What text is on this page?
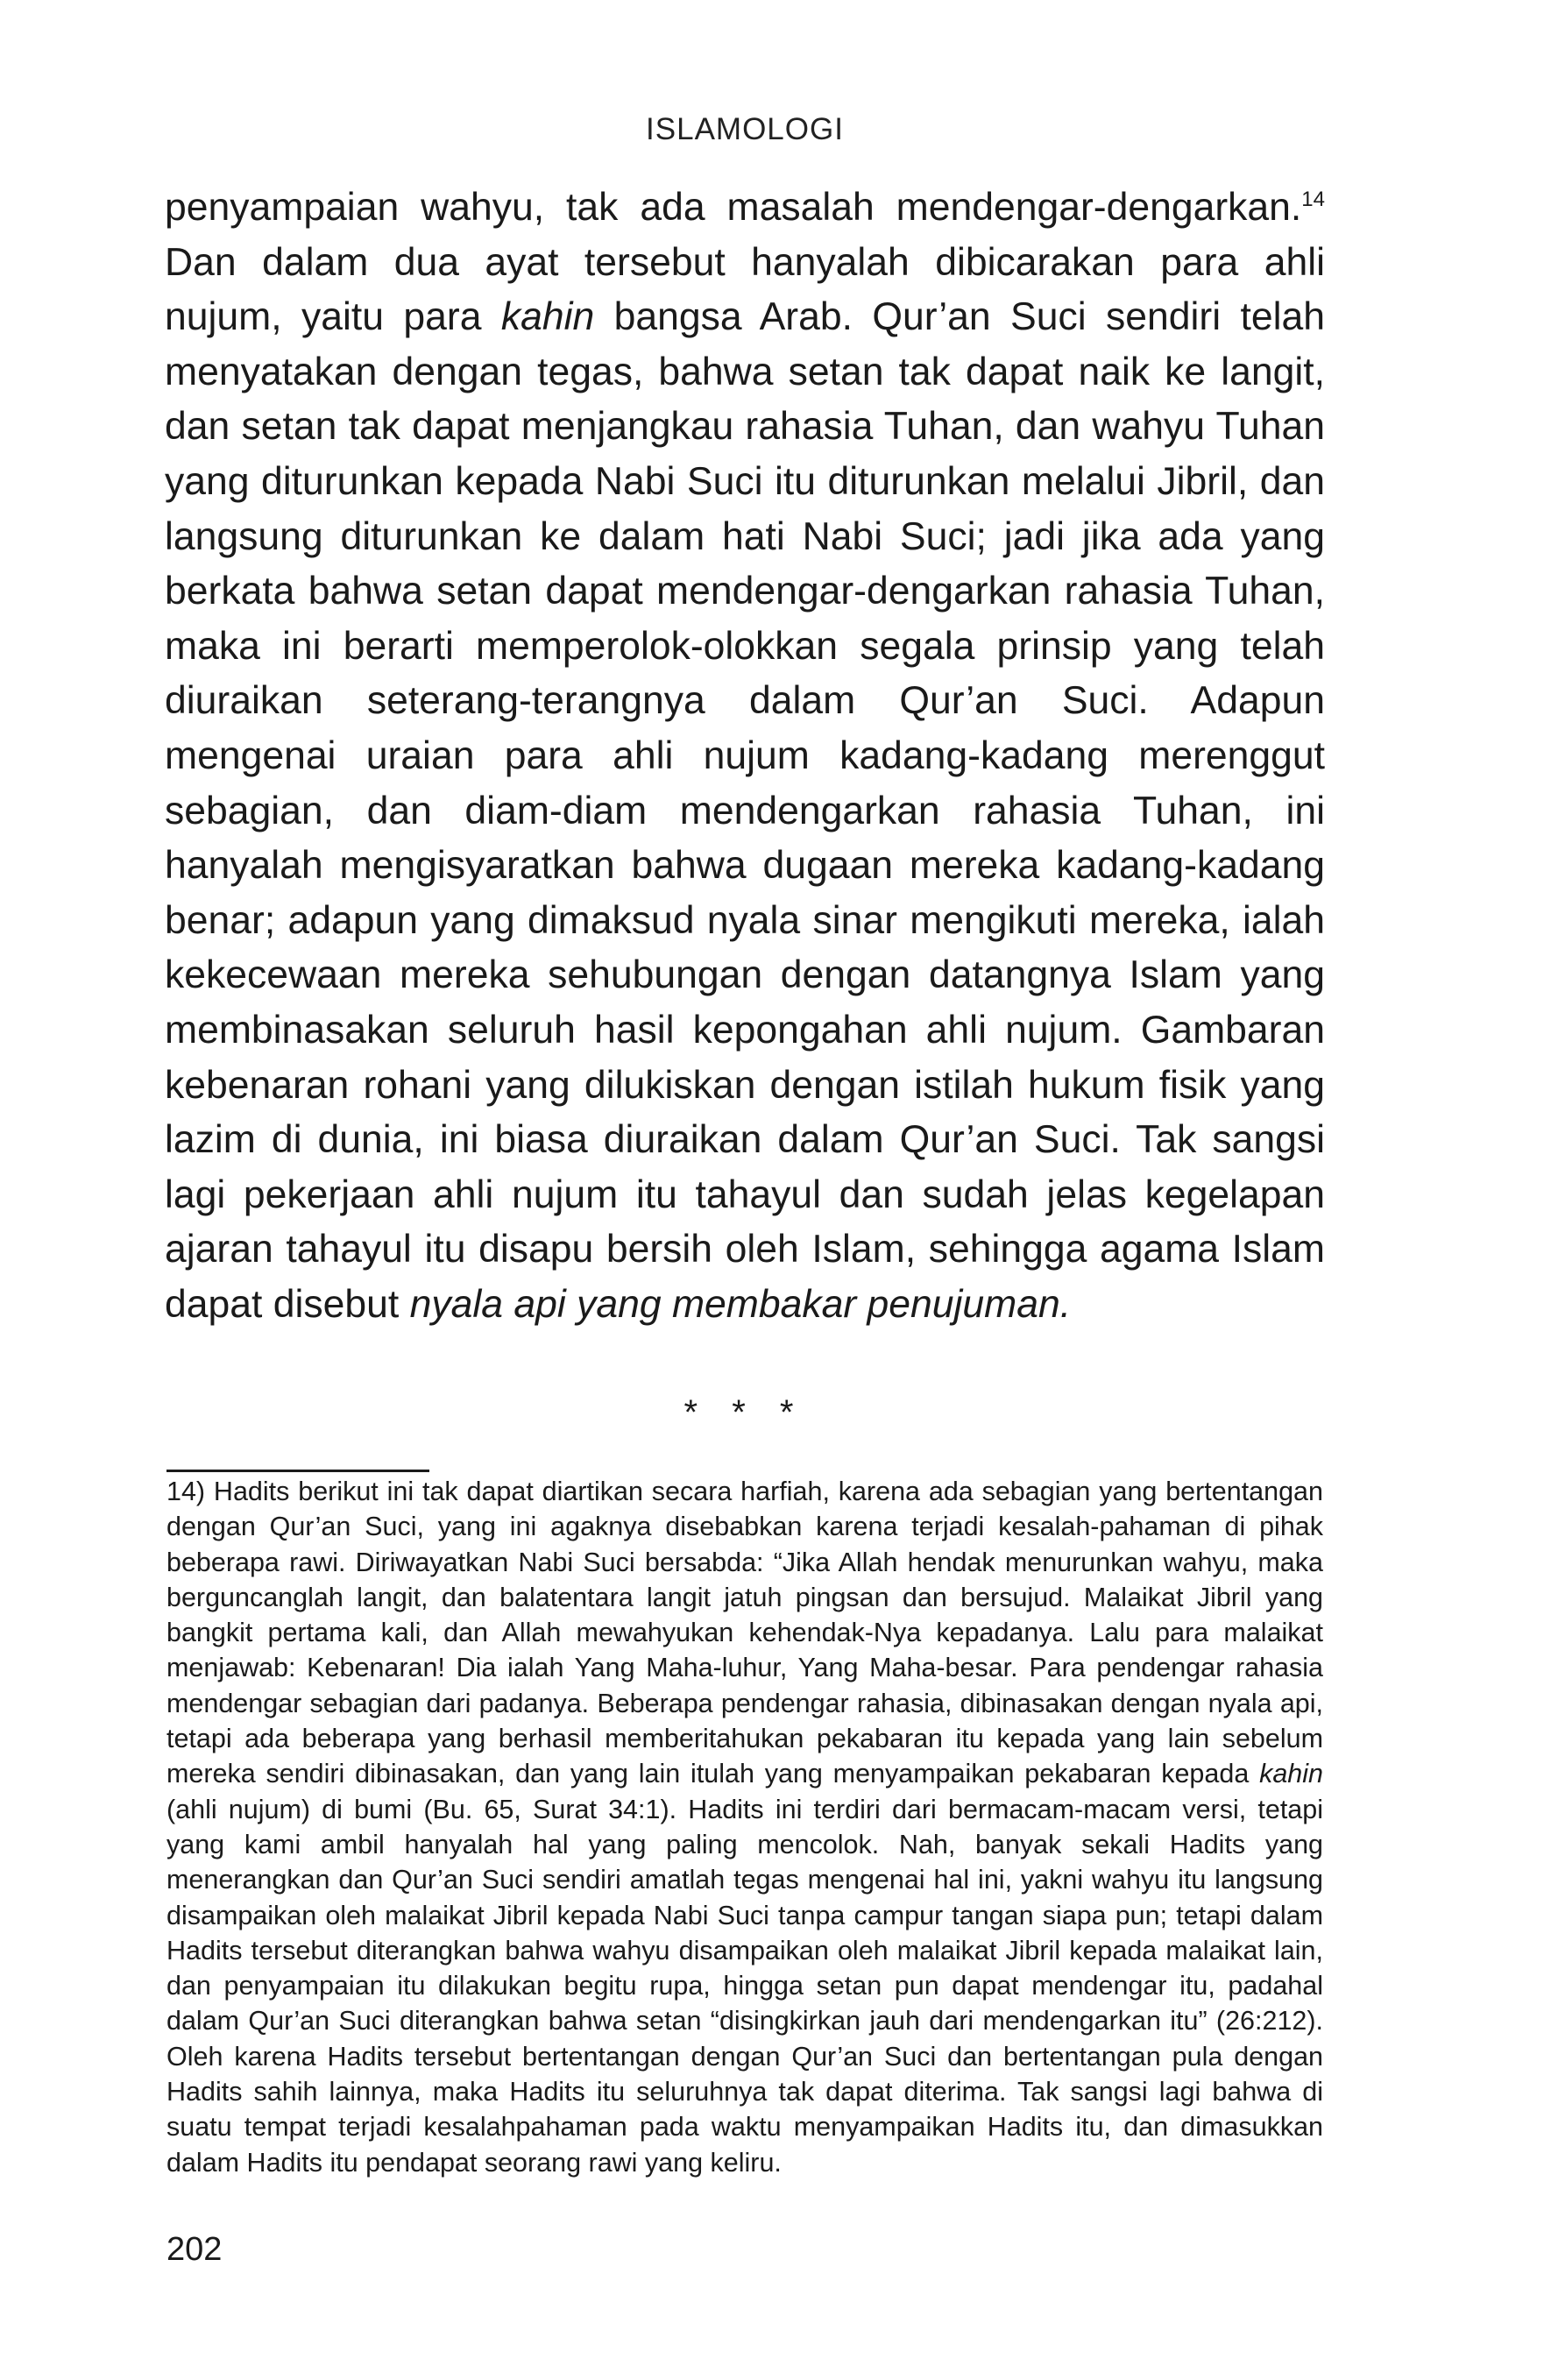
ISLAMOLOGI

penyampaian wahyu, tak ada masalah mendengar-dengarkan.$^{14}$ Dan dalam dua ayat tersebut hanyalah dibicarakan para ahli nujum, yaitu para kahin bangsa Arab. Qur’an Suci sendiri telah menyatakan dengan tegas, bahwa setan tak dapat naik ke langit, dan setan tak dapat menjangkau rahasia Tuhan, dan wahyu Tuhan yang diturunkan kepada Nabi Suci itu diturunkan melalui Jibril, dan langsung diturunkan ke dalam hati Nabi Suci; jadi jika ada yang berkata bahwa setan dapat mendengar-dengarkan rahasia Tuhan, maka ini berarti memperolok-olokkan segala prinsip yang telah diuraikan seterang-terangnya dalam Qur’an Suci. Adapun mengenai uraian para ahli nujum kadang-kadang merenggut sebagian, dan diam-diam mendengarkan rahasia Tuhan, ini hanyalah mengisyaratkan bahwa dugaan mereka kadang-kadang benar; adapun yang dimaksud nyala sinar mengikuti mereka, ialah kekecewaan mereka sehubungan dengan datangnya Islam yang membinasakan seluruh hasil kepongahan ahli nujum. Gambaran kebenaran rohani yang dilukiskan dengan istilah hukum fisik yang lazim di dunia, ini biasa diuraikan dalam Qur’an Suci. Tak sangsi lagi pekerjaan ahli nujum itu tahayul dan sudah jelas kegelapan ajaran tahayul itu disapu bersih oleh Islam, sehingga agama Islam dapat disebut nyala api yang membakar penujuman.

* * *

14) Hadits berikut ini tak dapat diartikan secara harfiah, karena ada sebagian yang bertentangan dengan Qur’an Suci, yang ini agaknya disebabkan karena terjadi kesalah-pahaman di pihak beberapa rawi. Diriwayatkan Nabi Suci bersabda: “Jika Allah hendak menurunkan wahyu, maka berguncanglah langit, dan balatentara langit jatuh pingsan dan bersujud. Malaikat Jibril yang bangkit pertama kali, dan Allah mewahyukan kehendak-Nya kepadanya. Lalu para malaikat menjawab: Kebenaran! Dia ialah Yang Maha-luhur, Yang Maha-besar. Para pendengar rahasia mendengar sebagian dari padanya. Beberapa pendengar rahasia, dibinasakan dengan nyala api, tetapi ada beberapa yang berhasil memberitahukan pekabaran itu kepada yang lain sebelum mereka sendiri dibinasakan, dan yang lain itulah yang menyampaikan pekabaran kepada kahin (ahli nujum) di bumi (Bu. 65, Surat 34:1). Hadits ini terdiri dari bermacam-macam versi, tetapi yang kami ambil hanyalah hal yang paling mencolok. Nah, banyak sekali Hadits yang menerangkan dan Qur’an Suci sendiri amatlah tegas mengenai hal ini, yakni wahyu itu langsung disampaikan oleh malaikat Jibril kepada Nabi Suci tanpa campur tangan siapa pun; tetapi dalam Hadits tersebut diterangkan bahwa wahyu disampaikan oleh malaikat Jibril kepada malaikat lain, dan penyampaian itu dilakukan begitu rupa, hingga setan pun dapat mendengar itu, padahal dalam Qur’an Suci diterangkan bahwa setan “disingkirkan jauh dari mendengarkan itu” (26:212). Oleh karena Hadits tersebut bertentangan dengan Qur’an Suci dan bertentangan pula dengan Hadits sahih lainnya, maka Hadits itu seluruhnya tak dapat diterima. Tak sangsi lagi bahwa di suatu tempat terjadi kesalahpahaman pada waktu menyampaikan Hadits itu, dan dimasukkan dalam Hadits itu pendapat seorang rawi yang keliru.

202
